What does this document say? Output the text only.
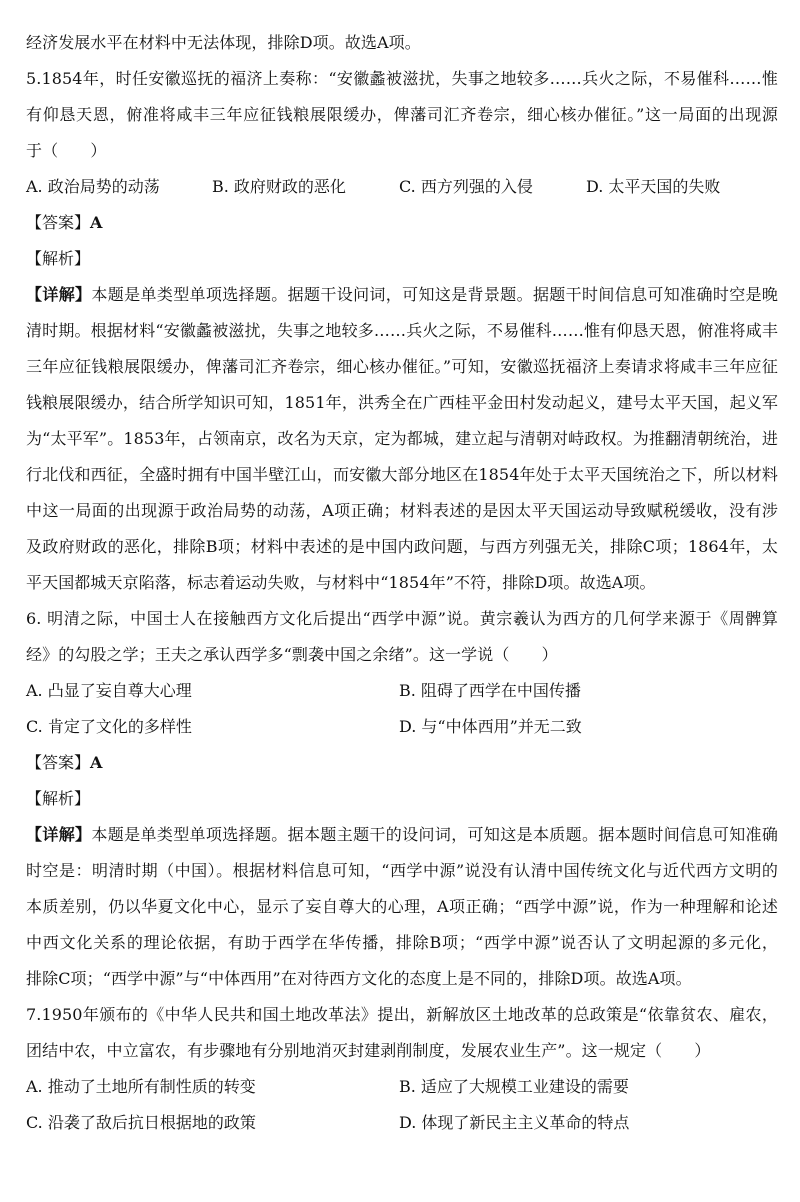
经济发展水平在材料中无法体现，排除D项。故选A项。
5.1854年，时任安徽巡抚的福济上奏称：“安徽蠡被滋扰，失事之地较多……兵火之际，不易催科……惟
有仰恳天恩，俯准将咸丰三年应征钱粮展限缓办，俾藩司汇齐卷宗，细心核办催征。”这一局面的出现源
于（　　）
A. 政治局势的动荡	B. 政府财政的恶化	C. 西方列强的入侵	D. 太平天国的失败
【答案】A
【解析】
【详解】本题是单类型单项选择题。据题干设问词，可知这是背景题。据题干时间信息可知准确时空是晚
清时期。根据材料“安徽蠡被滋扰，失事之地较多……兵火之际，不易催科……惟有仰恳天恩，俯准将咸丰
三年应征钱粮展限缓办，俾藩司汇齐卷宗，细心核办催征。”可知，安徽巡抚福济上奏请求将咸丰三年应征
钱粮展限缓办，结合所学知识可知，1851年，洪秀全在广西桂平金田村发动起义，建号太平天国，起义军
为“太平军”。1853年，占领南京，改名为天京，定为都城，建立起与清朝对峙政权。为推翻清朝统治，进
行北伐和西征，全盛时拥有中国半壁江山，而安徽大部分地区在1854年处于太平天国统治之下，所以材料
中这一局面的出现源于政治局势的动荡，A项正确；材料表述的是因太平天国运动导致赋税缓收，没有涉
及政府财政的恶化，排除B项；材料中表述的是中国内政问题，与西方列强无关，排除C项；1864年，太
平天国都城天京陷落，标志着运动失败，与材料中“1854年”不符，排除D项。故选A项。
6. 明清之际，中国士人在接触西方文化后提出“西学中源”说。黄宗羲认为西方的几何学来源于《周髀算
经》的勾股之学；王夫之承认西学多“剽袭中国之余绪”。这一学说（　　）
A. 凸显了妄自尊大心理	B. 阻碍了西学在中国传播
C. 肯定了文化的多样性	D. 与“中体西用”并无二致
【答案】A
【解析】
【详解】本题是单类型单项选择题。据本题主题干的设问词，可知这是本质题。据本题时间信息可知准确
时空是：明清时期（中国）。根据材料信息可知，“西学中源”说没有认清中国传统文化与近代西方文明的
本质差别，仍以华夏文化中心，显示了妄自尊大的心理，A项正确；“西学中源”说，作为一种理解和论述
中西文化关系的理论依据，有助于西学在华传播，排除B项；“西学中源”说否认了文明起源的多元化，
排除C项；“西学中源”与“中体西用”在对待西方文化的态度上是不同的，排除D项。故选A项。
7.1950年颁布的《中华人民共和国土地改革法》提出，新解放区土地改革的总政策是“依靠贫农、雇农，
团结中农，中立富农，有步骤地有分别地消灭封建剥削制度，发展农业生产”。这一规定（　　）
A. 推动了土地所有制性质的转变	B. 适应了大规模工业建设的需要
C. 沿袭了敌后抗日根据地的政策	D. 体现了新民主主义革命的特点
